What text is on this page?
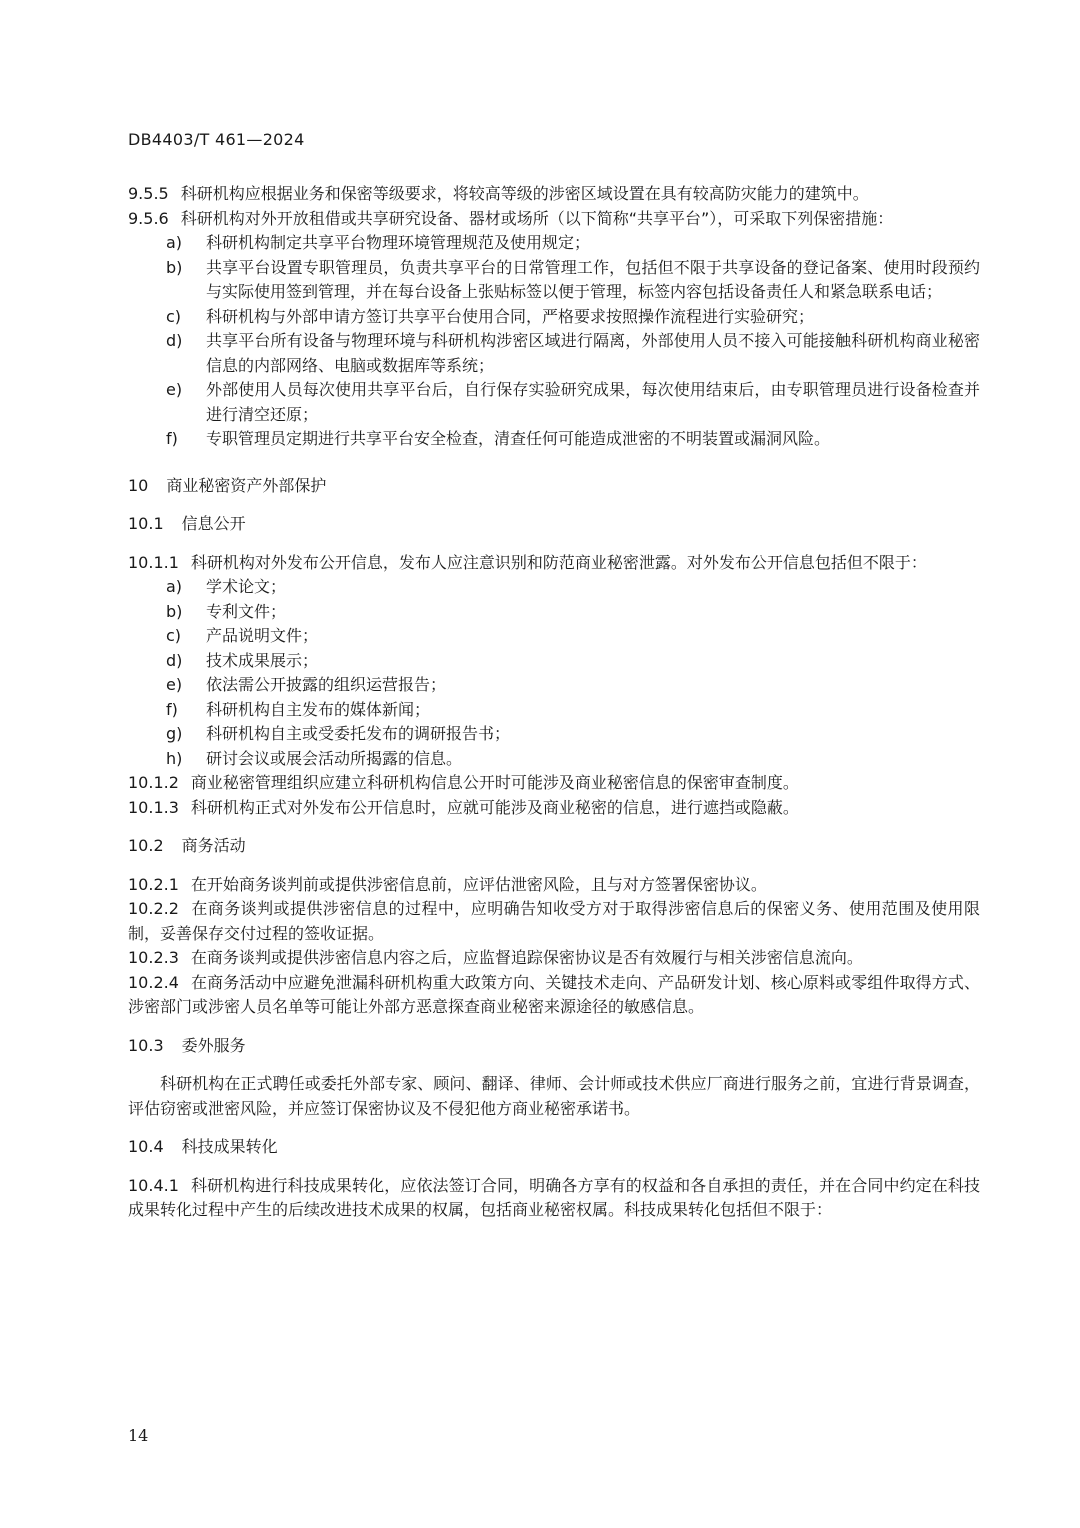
DB4403/T 461—2024
9.5.5 科研机构应根据业务和保密等级要求，将较高等级的涉密区域设置在具有较高防灾能力的建筑中。
9.5.6 科研机构对外开放租借或共享研究设备、器材或场所（以下简称“共享平台”），可采取下列保密措施：
a) 科研机构制定共享平台物理环境管理规范及使用规定；
b) 共享平台设置专职管理员，负责共享平台的日常管理工作，包括但不限于共享设备的登记备案、使用时段预约与实际使用签到管理，并在每台设备上张贴标签以便于管理，标签内容包括设备责任人和紧急联系电话；
c) 科研机构与外部申请方签订共享平台使用合同，严格要求按照操作流程进行实验研究；
d) 共享平台所有设备与物理环境与科研机构涉密区域进行隔离，外部使用人员不接入可能接触科研机构商业秘密信息的内部网络、电脑或数据库等系统；
e) 外部使用人员每次使用共享平台后，自行保存实验研究成果，每次使用结束后，由专职管理员进行设备检查并进行清空还原；
f) 专职管理员定期进行共享平台安全检查，清查任何可能造成泄密的不明装置或漏洞风险。
10 商业秘密资产外部保护
10.1 信息公开
10.1.1 科研机构对外发布公开信息，发布人应注意识别和防范商业秘密泄露。对外发布公开信息包括但不限于：
a) 学术论文；
b) 专利文件；
c) 产品说明文件；
d) 技术成果展示；
e) 依法需公开披露的组织运营报告；
f) 科研机构自主发布的媒体新闻；
g) 科研机构自主或受委托发布的调研报告书；
h) 研讨会议或展会活动所揭露的信息。
10.1.2 商业秘密管理组织应建立科研机构信息公开时可能涉及商业秘密信息的保密审查制度。
10.1.3 科研机构正式对外发布公开信息时，应就可能涉及商业秘密的信息，进行遮挡或隐蔽。
10.2 商务活动
10.2.1 在开始商务谈判前或提供涉密信息前，应评估泄密风险，且与对方签署保密协议。
10.2.2 在商务谈判或提供涉密信息的过程中，应明确告知收受方对于取得涉密信息后的保密义务、使用范围及使用限制，妥善保存交付过程的签收证据。
10.2.3 在商务谈判或提供涉密信息内容之后，应监督追踪保密协议是否有效履行与相关涉密信息流向。
10.2.4 在商务活动中应避免泄漏科研机构重大政策方向、关键技术走向、产品研发计划、核心原料或零组件取得方式、涉密部门或涉密人员名单等可能让外部方恶意探查商业秘密来源途径的敏感信息。
10.3 委外服务
科研机构在正式聘任或委托外部专家、顾问、翻译、律师、会计师或技术供应厂商进行服务之前，宜进行背景调查，评估窃密或泄密风险，并应签订保密协议及不侵犯他方商业秘密承诺书。
10.4 科技成果转化
10.4.1 科研机构进行科技成果转化，应依法签订合同，明确各方享有的权益和各自承担的责任，并在合同中约定在科技成果转化过程中产生的后续改进技术成果的权属，包括商业秘密权属。科技成果转化包括但不限于：
14
